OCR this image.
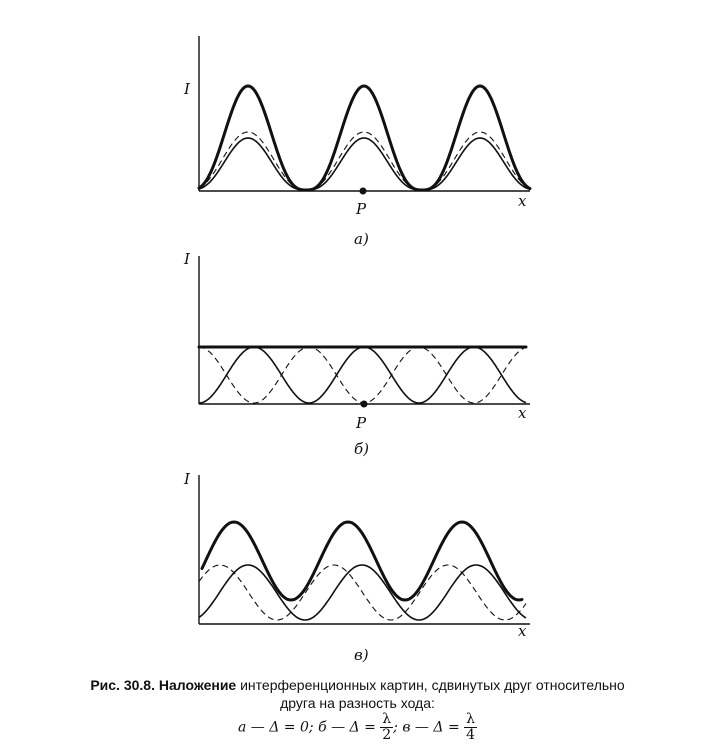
I
x
P
а)
I
x
P
б)
I
x
в)
Рис. 30.8. Наложение интерференционных картин, сдвинутых друг относительно
друга на разность хода:
а — Δ = 0; б — $\Delta = \frac{\lambda}{2}$ ; в — $\Delta = \frac{\lambda}{4}$
